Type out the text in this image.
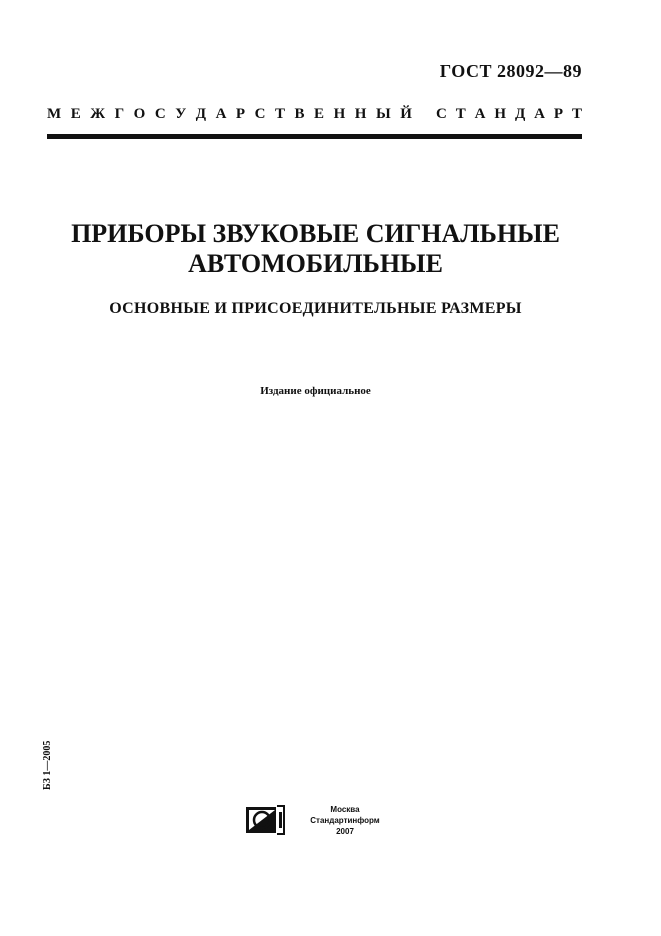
ГОСТ 28092—89
М Е Ж Г О С У Д А Р С Т В Е Н Н Ы Й С Т А Н Д А Р Т
ПРИБОРЫ ЗВУКОВЫЕ СИГНАЛЬНЫЕ
АВТОМОБИЛЬНЫЕ
ОСНОВНЫЕ И ПРИСОЕДИНИТЕЛЬНЫЕ РАЗМЕРЫ
Издание официальное
БЗ 1—2005
Москва
Стандартинформ
2007
